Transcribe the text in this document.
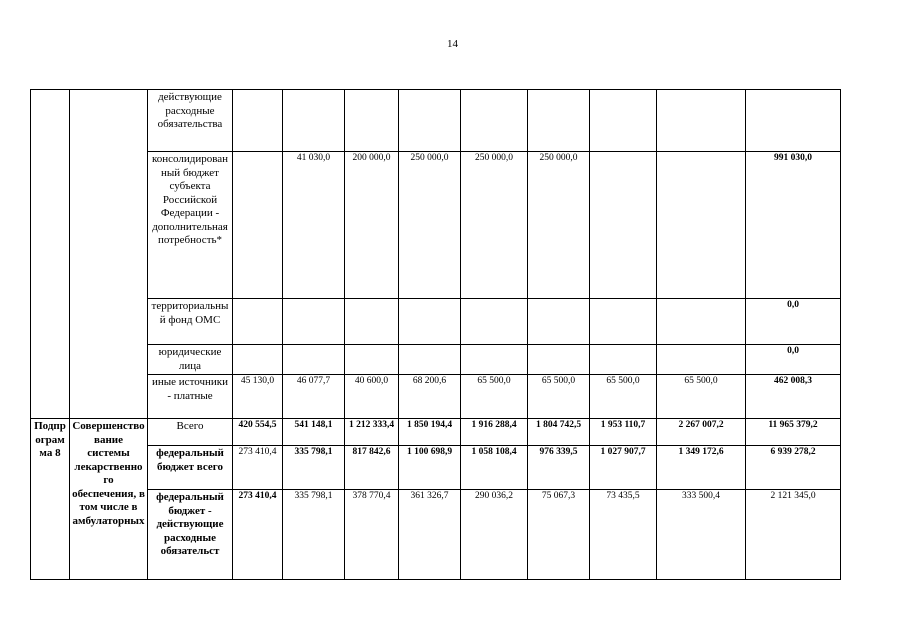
14
		действующие расходные обязательства									
		консолидированный бюджет субъекта Российской Федерации - дополнительная потребность*		41 030,0	200 000,0	250 000,0	250 000,0	250 000,0			991 030,0
		территориальный фонд ОМС									0,0
		юридические лица									0,0
		иные источники - платные	45 130,0	46 077,7	40 600,0	68 200,6	65 500,0	65 500,0	65 500,0	65 500,0	462 008,3
Подпрограмма 8	Совершенствование системы лекарственного обеспечения, в том числе в амбулаторных	Всего	420 554,5	541 148,1	1 212 333,4	1 850 194,4	1 916 288,4	1 804 742,5	1 953 110,7	2 267 007,2	11 965 379,2
		федеральный бюджет всего	273 410,4	335 798,1	817 842,6	1 100 698,9	1 058 108,4	976 339,5	1 027 907,7	1 349 172,6	6 939 278,2
		федеральный бюджет - действующие расходные обязательст	273 410,4	335 798,1	378 770,4	361 326,7	290 036,2	75 067,3	73 435,5	333 500,4	2 121 345,0
